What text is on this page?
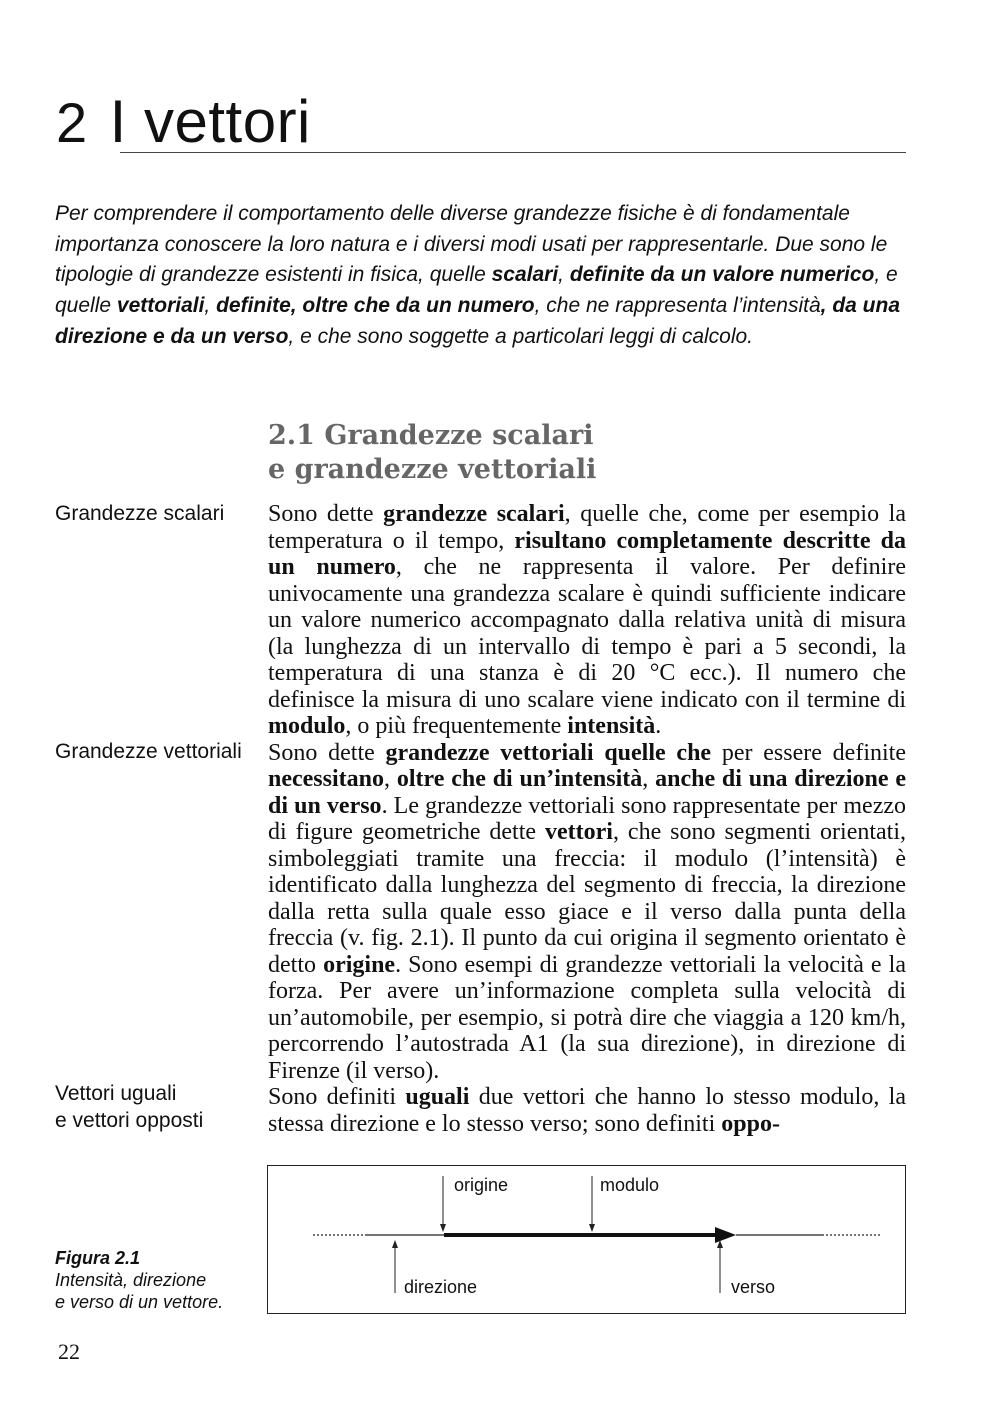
2 I vettori
Per comprendere il comportamento delle diverse grandezze fisiche è di fondamentale importanza conoscere la loro natura e i diversi modi usati per rappresentarle. Due sono le tipologie di grandezze esistenti in fisica, quelle scalari, definite da un valore numerico, e quelle vettoriali, definite, oltre che da un numero, che ne rappresenta l’intensità, da una direzione e da un verso, e che sono soggette a particolari leggi di calcolo.
2.1 Grandezze scalari
e grandezze vettoriali
Grandezze scalari
Grandezze vettoriali
Vettori uguali
e vettori opposti

Sono dette grandezze scalari, quelle che, come per esempio la temperatura o il tempo, risultano completamente descritte da un numero, che ne rappresenta il valore. Per definire univocamente una grandezza scalare è quindi sufficiente indicare un valore numerico accompagnato dalla relativa unità di misura (la lunghezza di un intervallo di tempo è pari a 5 secondi, la temperatura di una stanza è di 20 °C ecc.). Il numero che definisce la misura di uno scalare viene indicato con il termine di modulo, o più frequentemente intensità.

Sono dette grandezze vettoriali quelle che per essere definite necessitano, oltre che di un’intensità, anche di una direzione e di un verso. Le grandezze vettoriali sono rappresentate per mezzo di figure geometriche dette vettori, che sono segmenti orientati, simboleggiati tramite una freccia: il modulo (l’intensità) è identificato dalla lunghezza del segmento di freccia, la direzione dalla retta sulla quale esso giace e il verso dalla punta della freccia (v. fig. 2.1). Il punto da cui origina il segmento orientato è detto origine. Sono esempi di grandezze vettoriali la velocità e la forza. Per avere un’informazione completa sulla velocità di un’automobile, per esempio, si potrà dire che viaggia a 120 km/h, percorrendo l’autostrada A1 (la sua direzione), in direzione di Firenze (il verso).

Sono definiti uguali due vettori che hanno lo stesso modulo, la stessa direzione e lo stesso verso; sono definiti oppo-

origine	modulo
direzione	verso
Figura 2.1
Intensità, direzione
e verso di un vettore.
22
